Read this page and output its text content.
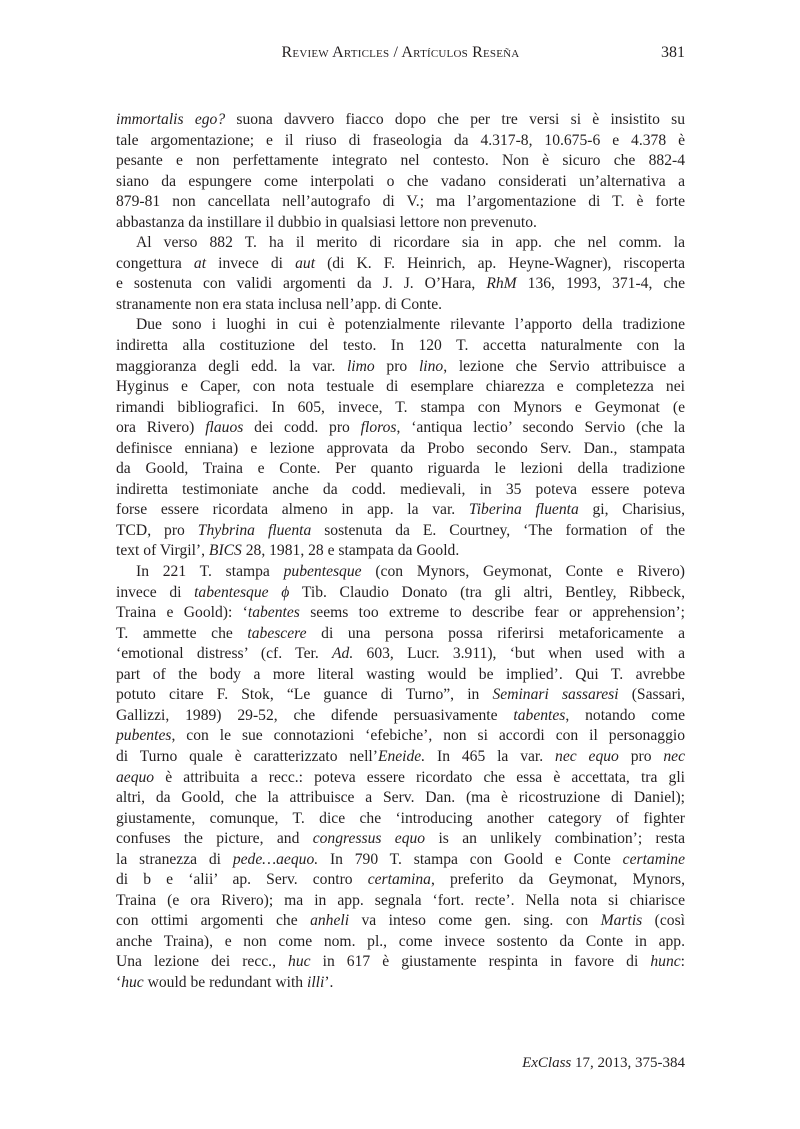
Review Articles / Artículos Reseña	381
immortalis ego? suona davvero fiacco dopo che per tre versi si è insistito su
tale argomentazione; e il riuso di fraseologia da 4.317-8, 10.675-6 e 4.378 è
pesante e non perfettamente integrato nel contesto. Non è sicuro che 882-4
siano da espungere come interpolati o che vadano considerati un’alternativa a
879-81 non cancellata nell’autografo di V.; ma l’argomentazione di T. è forte
abbastanza da instillare il dubbio in qualsiasi lettore non prevenuto.
Al verso 882 T. ha il merito di ricordare sia in app. che nel comm. la
congettura at invece di aut (di K. F. Heinrich, ap. Heyne-Wagner), riscoperta
e sostenuta con validi argomenti da J. J. O’Hara, RhM 136, 1993, 371-4, che
stranamente non era stata inclusa nell’app. di Conte.
Due sono i luoghi in cui è potenzialmente rilevante l’apporto della tradizione
indiretta alla costituzione del testo. In 120 T. accetta naturalmente con la
maggioranza degli edd. la var. limo pro lino, lezione che Servio attribuisce a
Hyginus e Caper, con nota testuale di esemplare chiarezza e completezza nei
rimandi bibliografici. In 605, invece, T. stampa con Mynors e Geymonat (e
ora Rivero) flauos dei codd. pro floros, ‘antiqua lectio’ secondo Servio (che la
definisce enniana) e lezione approvata da Probo secondo Serv. Dan., stampata
da Goold, Traina e Conte. Per quanto riguarda le lezioni della tradizione
indiretta testimoniate anche da codd. medievali, in 35 poteva essere poteva
forse essere ricordata almeno in app. la var. Tiberina fluenta gi, Charisius,
TCD, pro Thybrina fluenta sostenuta da E. Courtney, ‘The formation of the
text of Virgil’, BICS 28, 1981, 28 e stampata da Goold.
In 221 T. stampa pubentesque (con Mynors, Geymonat, Conte e Rivero)
invece di tabentesque ϕ Tib. Claudio Donato (tra gli altri, Bentley, Ribbeck,
Traina e Goold): ‘tabentes seems too extreme to describe fear or apprehension’;
T. ammette che tabescere di una persona possa riferirsi metaforicamente a
‘emotional distress’ (cf. Ter. Ad. 603, Lucr. 3.911), ‘but when used with a
part of the body a more literal wasting would be implied’. Qui T. avrebbe
potuto citare F. Stok, “Le guance di Turno”, in Seminari sassaresi (Sassari,
Gallizzi, 1989) 29-52, che difende persuasivamente tabentes, notando come
pubentes, con le sue connotazioni ‘efebiche’, non si accordi con il personaggio
di Turno quale è caratterizzato nell’Eneide. In 465 la var. nec equo pro nec
aequo è attribuita a recc.: poteva essere ricordato che essa è accettata, tra gli
altri, da Goold, che la attribuisce a Serv. Dan. (ma è ricostruzione di Daniel);
giustamente, comunque, T. dice che ‘introducing another category of fighter
confuses the picture, and congressus equo is an unlikely combination’; resta
la stranezza di pede…aequo. In 790 T. stampa con Goold e Conte certamine
di b e ‘alii’ ap. Serv. contro certamina, preferito da Geymonat, Mynors,
Traina (e ora Rivero); ma in app. segnala ‘fort. recte’. Nella nota si chiarisce
con ottimi argomenti che anheli va inteso come gen. sing. con Martis (così
anche Traina), e non come nom. pl., come invece sostento da Conte in app.
Una lezione dei recc., huc in 617 è giustamente respinta in favore di hunc:
‘huc would be redundant with illi’.
ExClass 17, 2013, 375-384
